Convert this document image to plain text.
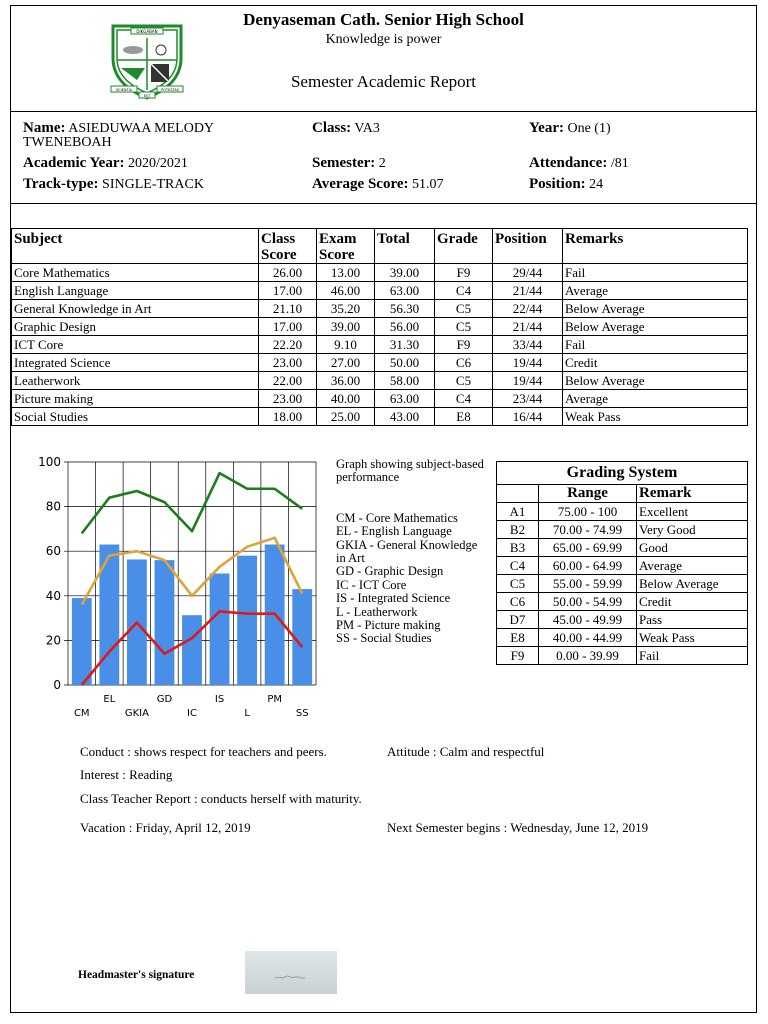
DIKGABAN
SCIENTIA	POTESTAS
EST
Denyaseman Cath. Senior High School
Knowledge is power
Semester Academic Report
Name: ASIEDUWAA MELODY
TWENEBOAH
Class: VA3	Year: One (1)
Academic Year: 2020/2021	Semester: 2	Attendance: /81
Track-type: SINGLE-TRACK	Average Score: 51.07	Position: 24
Subject	Class Score	Exam Score	Total	Grade	Position	Remarks
Core Mathematics	26.00	13.00	39.00	F9	29/44	Fail
English Language	17.00	46.00	63.00	C4	21/44	Average
General Knowledge in Art	21.10	35.20	56.30	C5	22/44	Below Average
Graphic Design	17.00	39.00	56.00	C5	21/44	Below Average
ICT Core	22.20	9.10	31.30	F9	33/44	Fail
Integrated Science	23.00	27.00	50.00	C6	19/44	Credit
Leatherwork	22.00	36.00	58.00	C5	19/44	Below Average
Picture making	23.00	40.00	63.00	C4	23/44	Average
Social Studies	18.00	25.00	43.00	E8	16/44	Weak Pass
0
20
40
60
80
100
CM
EL
GKIA
GD
IC
IS
L
PM
SS
Graph showing subject-based performance
CM - Core Mathematics
EL - English Language
GKIA - General Knowledge in Art
GD - Graphic Design
IC - ICT Core
IS - Integrated Science
L - Leatherwork
PM - Picture making
SS - Social Studies
Grading System		
	Range	Remark
A1	75.00 - 100	Excellent
B2	70.00 - 74.99	Very Good
B3	65.00 - 69.99	Good
C4	60.00 - 64.99	Average
C5	55.00 - 59.99	Below Average
C6	50.00 - 54.99	Credit
D7	45.00 - 49.99	Pass
E8	40.00 - 44.99	Weak Pass
F9	0.00 - 39.99	Fail
Conduct : shows respect for teachers and peers.	Attitude : Calm and respectful
Interest : Reading
Class Teacher Report : conducts herself with maturity.
Vacation : Friday, April 12, 2019	Next Semester begins : Wednesday, June 12, 2019
Headmaster's signature
